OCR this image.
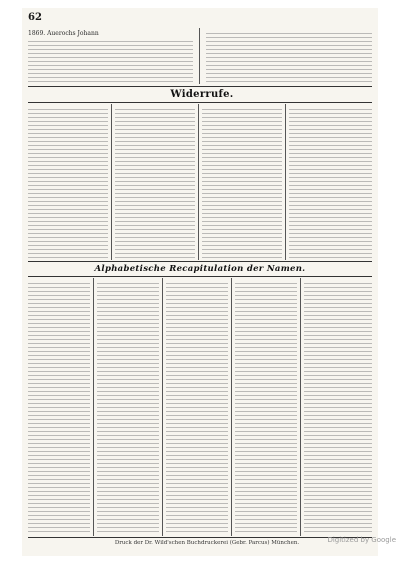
62
1869. Auerochs Johann
Widerrufe.
Alphabetische Recapitulation der Namen.
Druck der Dr. Wild'schen Buchdruckerei (Gebr. Parcus) München.	Digitized by Google
